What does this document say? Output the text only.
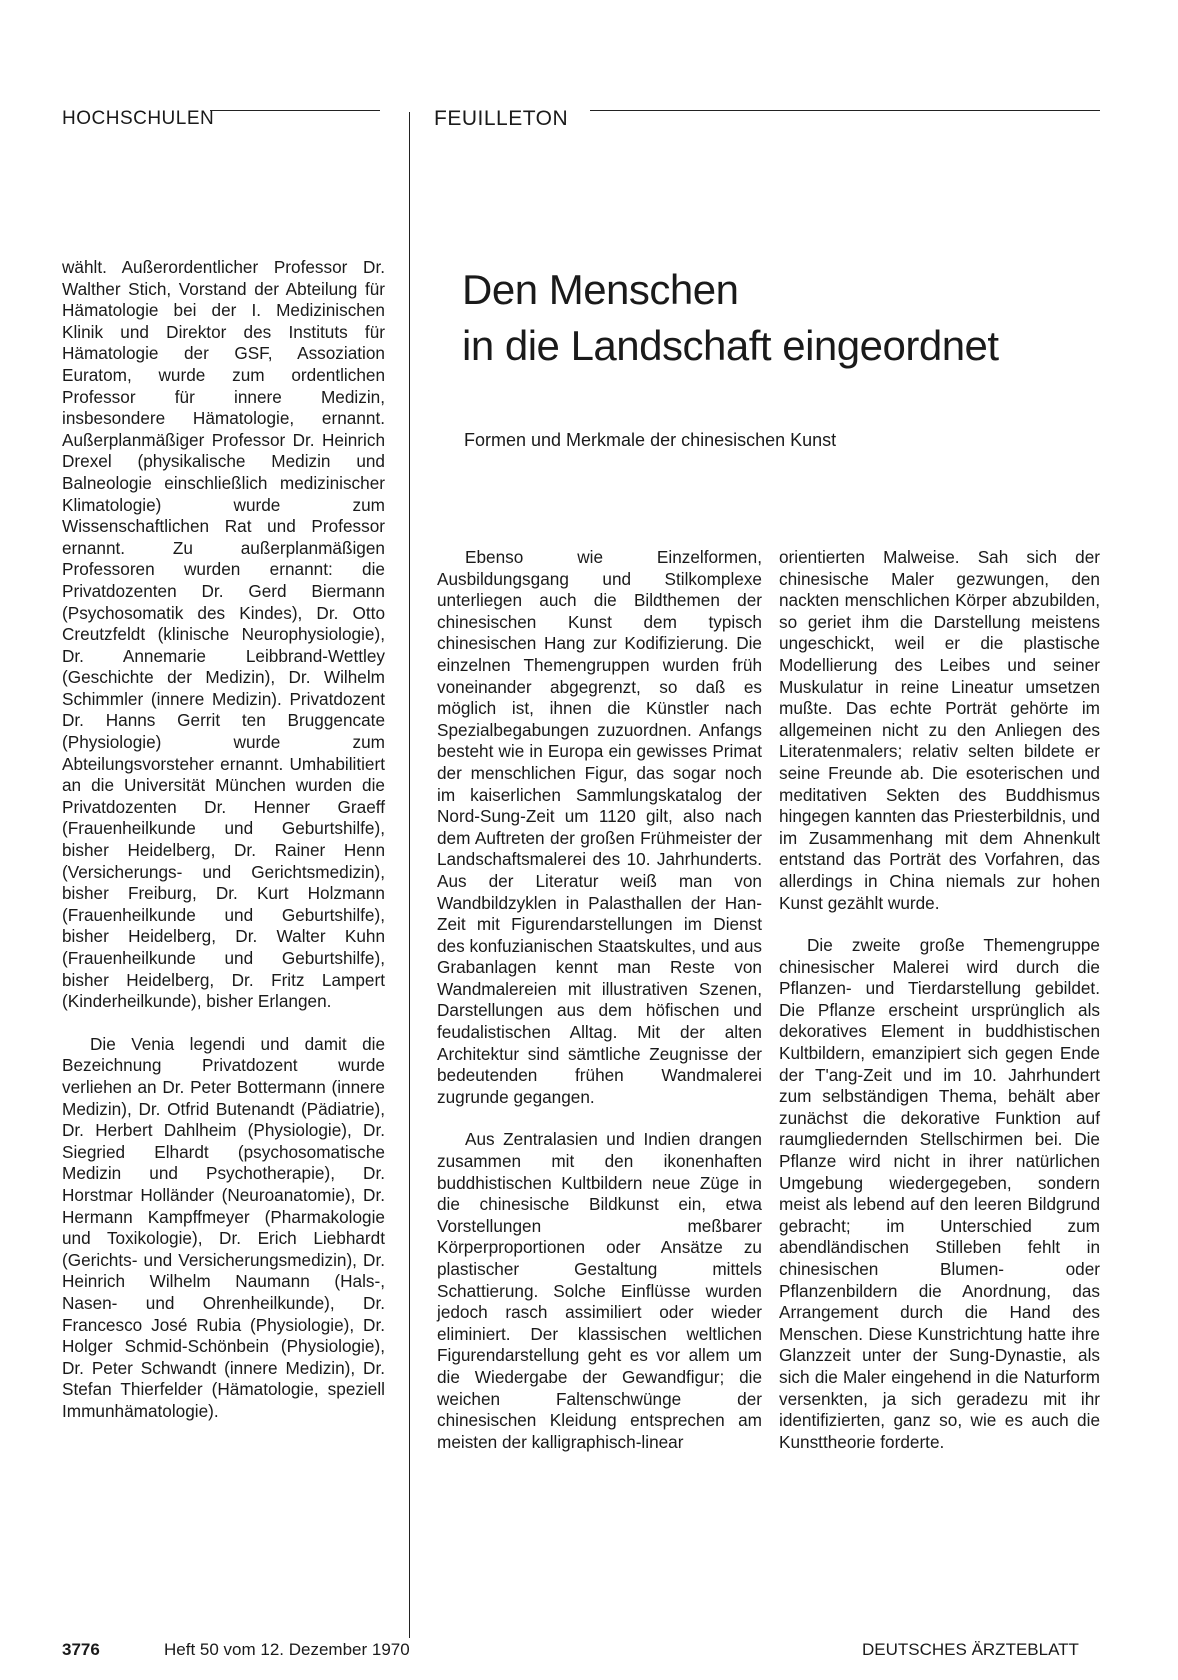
HOCHSCHULEN	FEUILLETON
Den Menschen
in die Landschaft eingeordnet
Formen und Merkmale der chinesischen Kunst

wählt. Außerordentlicher Professor Dr. Walther Stich, Vorstand der Abteilung für Hämatologie bei der I. Medizinischen Klinik und Direktor des Instituts für Hämatologie der GSF, Assoziation Euratom, wurde zum ordentlichen Professor für innere Medizin, insbesondere Hämatologie, ernannt. Außerplanmäßiger Professor Dr. Heinrich Drexel (physikalische Medizin und Balneologie einschließlich medizinischer Klimatologie) wurde zum Wissenschaftlichen Rat und Professor ernannt. Zu außerplanmäßigen Professoren wurden ernannt: die Privatdozenten Dr. Gerd Biermann (Psychosomatik des Kindes), Dr. Otto Creutzfeldt (klinische Neurophysiologie), Dr. Annemarie Leibbrand-Wettley (Geschichte der Medizin), Dr. Wilhelm Schimmler (innere Medizin). Privatdozent Dr. Hanns Gerrit ten Bruggencate (Physiologie) wurde zum Abteilungsvorsteher ernannt. Umhabilitiert an die Universität München wurden die Privatdozenten Dr. Henner Graeff (Frauenheilkunde und Geburtshilfe), bisher Heidelberg, Dr. Rainer Henn (Versicherungs- und Gerichtsmedizin), bisher Freiburg, Dr. Kurt Holzmann (Frauenheilkunde und Geburtshilfe), bisher Heidelberg, Dr. Walter Kuhn (Frauenheilkunde und Geburtshilfe), bisher Heidelberg, Dr. Fritz Lampert (Kinderheilkunde), bisher Erlangen.

Die Venia legendi und damit die Bezeichnung Privatdozent wurde verliehen an Dr. Peter Bottermann (innere Medizin), Dr. Otfrid Butenandt (Pädiatrie), Dr. Herbert Dahlheim (Physiologie), Dr. Siegried Elhardt (psychosomatische Medizin und Psychotherapie), Dr. Horstmar Holländer (Neuroanatomie), Dr. Hermann Kampffmeyer (Pharmakologie und Toxikologie), Dr. Erich Liebhardt (Gerichts- und Versicherungsmedizin), Dr. Heinrich Wilhelm Naumann (Hals-, Nasen- und Ohrenheilkunde), Dr. Francesco José Rubia (Physiologie), Dr. Holger Schmid-Schönbein (Physiologie), Dr. Peter Schwandt (innere Medizin), Dr. Stefan Thierfelder (Hämatologie, speziell Immunhämatologie).

Ebenso wie Einzelformen, Ausbildungsgang und Stilkomplexe unterliegen auch die Bildthemen der chinesischen Kunst dem typisch chinesischen Hang zur Kodifizierung. Die einzelnen Themengruppen wurden früh voneinander abgegrenzt, so daß es möglich ist, ihnen die Künstler nach Spezialbegabungen zuzuordnen. Anfangs besteht wie in Europa ein gewisses Primat der menschlichen Figur, das sogar noch im kaiserlichen Sammlungskatalog der Nord-Sung-Zeit um 1120 gilt, also nach dem Auftreten der großen Frühmeister der Landschaftsmalerei des 10. Jahrhunderts. Aus der Literatur weiß man von Wandbildzyklen in Palasthallen der Han-Zeit mit Figurendarstellungen im Dienst des konfuzianischen Staatskultes, und aus Grabanlagen kennt man Reste von Wandmalereien mit illustrativen Szenen, Darstellungen aus dem höfischen und feudalistischen Alltag. Mit der alten Architektur sind sämtliche Zeugnisse der bedeutenden frühen Wandmalerei zugrunde gegangen.

Aus Zentralasien und Indien drangen zusammen mit den ikonenhaften buddhistischen Kultbildern neue Züge in die chinesische Bildkunst ein, etwa Vorstellungen meßbarer Körperproportionen oder Ansätze zu plastischer Gestaltung mittels Schattierung. Solche Einflüsse wurden jedoch rasch assimiliert oder wieder eliminiert. Der klassischen weltlichen Figurendarstellung geht es vor allem um die Wiedergabe der Gewandfigur; die weichen Faltenschwünge der chinesischen Kleidung entsprechen am meisten der kalligraphisch-linear

orientierten Malweise. Sah sich der chinesische Maler gezwungen, den nackten menschlichen Körper abzubilden, so geriet ihm die Darstellung meistens ungeschickt, weil er die plastische Modellierung des Leibes und seiner Muskulatur in reine Lineatur umsetzen mußte. Das echte Porträt gehörte im allgemeinen nicht zu den Anliegen des Literatenmalers; relativ selten bildete er seine Freunde ab. Die esoterischen und meditativen Sekten des Buddhismus hingegen kannten das Priesterbildnis, und im Zusammenhang mit dem Ahnenkult entstand das Porträt des Vorfahren, das allerdings in China niemals zur hohen Kunst gezählt wurde.

Die zweite große Themengruppe chinesischer Malerei wird durch die Pflanzen- und Tierdarstellung gebildet. Die Pflanze erscheint ursprünglich als dekoratives Element in buddhistischen Kultbildern, emanzipiert sich gegen Ende der T'ang-Zeit und im 10. Jahrhundert zum selbständigen Thema, behält aber zunächst die dekorative Funktion auf raumgliedernden Stellschirmen bei. Die Pflanze wird nicht in ihrer natürlichen Umgebung wiedergegeben, sondern meist als lebend auf den leeren Bildgrund gebracht; im Unterschied zum abendländischen Stilleben fehlt in chinesischen Blumen- oder Pflanzenbildern die Anordnung, das Arrangement durch die Hand des Menschen. Diese Kunstrichtung hatte ihre Glanzzeit unter der Sung-Dynastie, als sich die Maler eingehend in die Naturform versenkten, ja sich geradezu mit ihr identifizierten, ganz so, wie es auch die Kunsttheorie forderte.

3776	Heft 50 vom 12. Dezember 1970	DEUTSCHES ÄRZTEBLATT
